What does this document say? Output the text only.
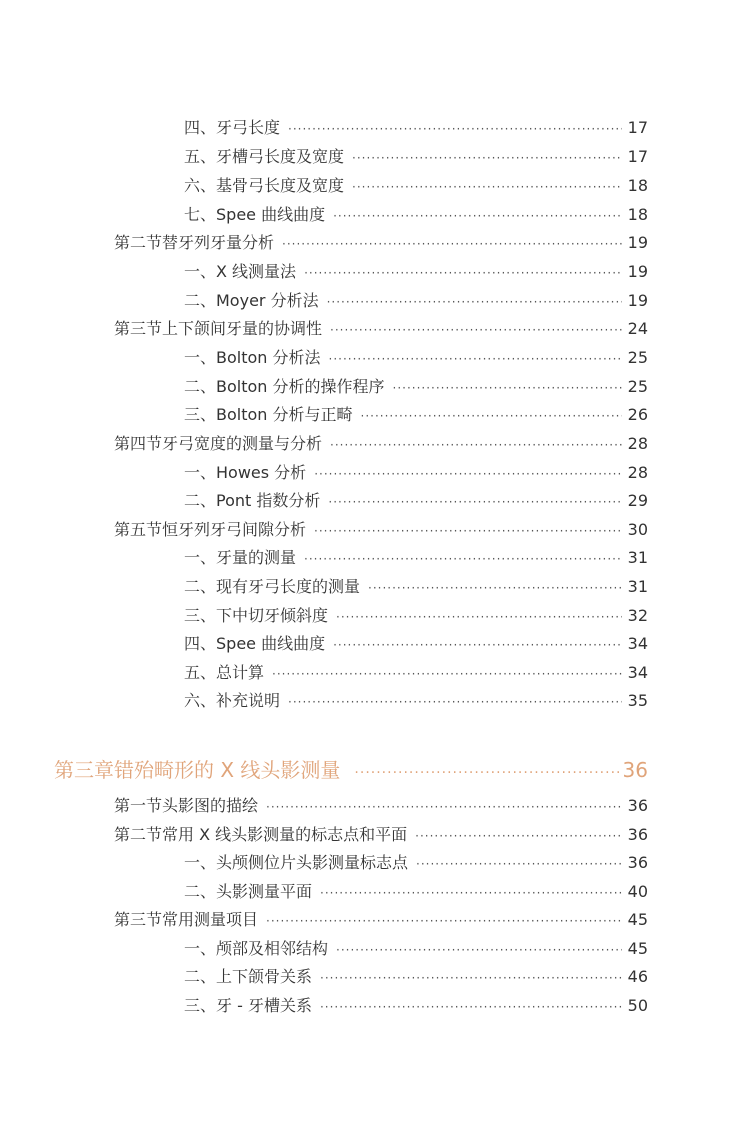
四、牙弓长度 ·····	17
五、牙槽弓长度及宽度 ·····	17
六、基骨弓长度及宽度 ·····	18
七、Spee 曲线曲度 ·····	18
第二节 替牙列牙量分析 ·····	19
一、X 线测量法 ·····	19
二、Moyer 分析法 ·····	19
第三节 上下颌间牙量的协调性 ·····	24
一、Bolton 分析法 ·····	25
二、Bolton 分析的操作程序 ·····	25
三、Bolton 分析与正畸 ·····	26
第四节 牙弓宽度的测量与分析 ·····	28
一、Howes 分析 ·····	28
二、Pont 指数分析 ·····	29
第五节 恒牙列牙弓间隙分析 ·····	30
一、牙量的测量 ·····	31
二、现有牙弓长度的测量 ·····	31
三、下中切牙倾斜度 ·····	32
四、Spee 曲线曲度 ·····	34
五、总计算 ·····	34
六、补充说明 ·····	35
第三章 错殆畸形的 X 线头影测量 ·····	36
第一节 头影图的描绘 ·····	36
第二节 常用 X 线头影测量的标志点和平面 ·····	36
一、头颅侧位片头影测量标志点 ·····	36
二、头影测量平面 ·····	40
第三节 常用测量项目 ·····	45
一、颅部及相邻结构 ·····	45
二、上下颌骨关系 ·····	46
三、牙 - 牙槽关系 ·····	50
